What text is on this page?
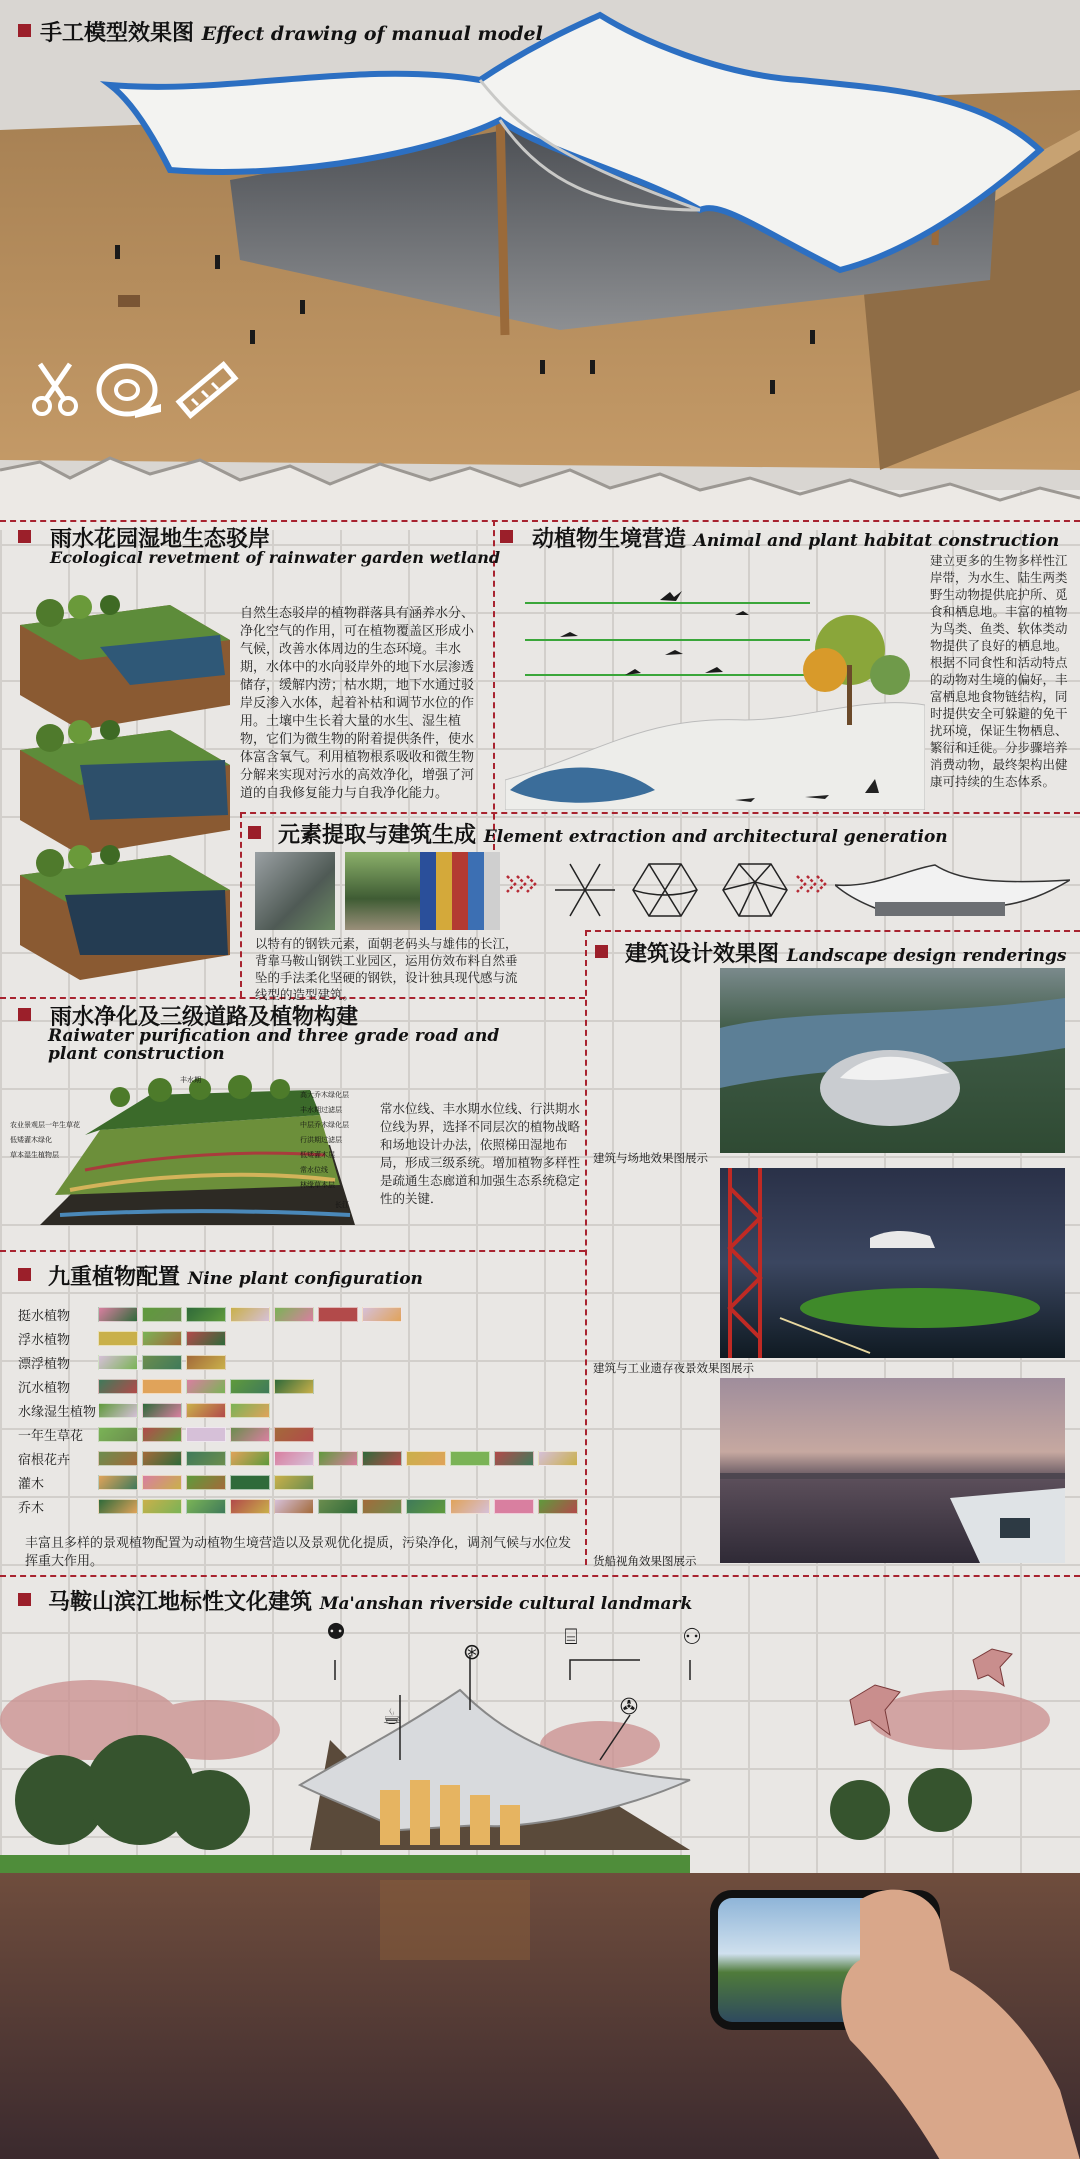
手工模型效果图 Effect drawing of manual model
雨水花园湿地生态驳岸
Ecological revetment of rainwater garden wetland
自然生态驳岸的植物群落具有涵养水分、净化空气的作用，可在植物覆盖区形成小气候，改善水体周边的生态环境。丰水期，水体中的水向驳岸外的地下水层渗透储存，缓解内涝；枯水期，地下水通过驳岸反渗入水体，起着补枯和调节水位的作用。土壤中生长着大量的水生、湿生植物，它们为微生物的附着提供条件，使水体富含氧气。利用植物根系吸收和微生物分解来实现对污水的高效净化，增强了河道的自我修复能力与自我净化能力。
动植物生境营造 Animal and plant habitat construction
建立更多的生物多样性江岸带，为水生、陆生两类野生动物提供庇护所、觅食和栖息地。丰富的植物为鸟类、鱼类、软体类动物提供了良好的栖息地。根据不同食性和活动特点的动物对生境的偏好，丰富栖息地食物链结构，同时提供安全可躲避的免干扰环境，保证生物栖息、繁衍和迁徙。分步骤培养消费动物，最终架构出健康可持续的生态体系。
元素提取与建筑生成 Element extraction and architectural generation
以特有的钢铁元素，面朝老码头与雄伟的长江，背靠马鞍山钢铁工业园区，运用仿效布料自然垂坠的手法柔化坚硬的钢铁，设计独具现代感与流线型的造型建筑。
雨水净化及三级道路及植物构建
Raiwater purification and three grade road and plant construction
丰水期
高大乔木绿化层
丰水期过滤层
中层乔木绿化层
行洪期过滤层
低矮灌木层
常水位线
林缘草本层
农业景观层一年生草花
长江
低矮灌木绿化
草本湿生植物层
常水位线、丰水期水位线、行洪期水位线为界，选择不同层次的植物战略和场地设计办法，依照梯田湿地布局，形成三级系统。增加植物多样性是疏通生态廊道和加强生态系统稳定性的关键．
九重植物配置 Nine plant configuration
挺水植物
浮水植物
漂浮植物
沉水植物
水缘湿生植物
一年生草花
宿根花卉
灌木
乔木
丰富且多样的景观植物配置为动植物生境营造以及景观优化提质，污染净化，调剂气候与水位发挥重大作用。
建筑设计效果图 Landscape design renderings
建筑与场地效果图展示
建筑与工业遗存夜景效果图展示
货船视角效果图展示
马鞍山滨江地标性文化建筑 Ma'anshan riverside cultural landmark
⚉
⊛
⌸	⚇
☕	✇
